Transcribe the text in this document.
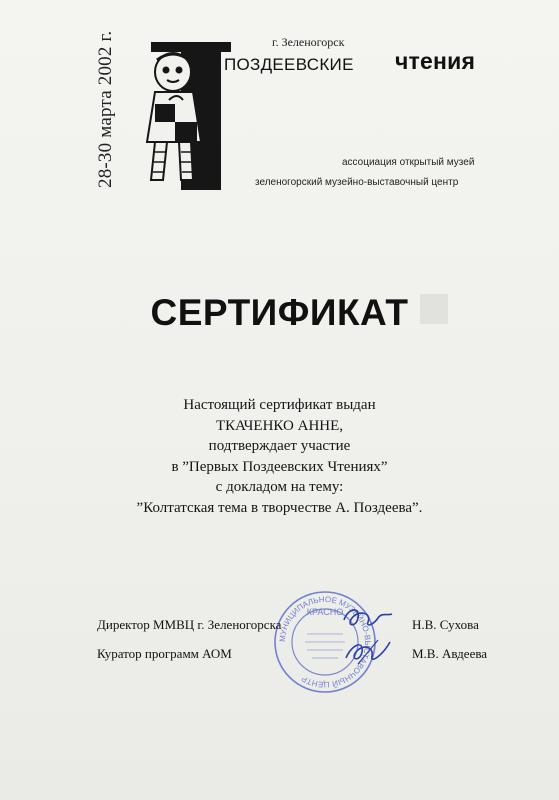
28-30 марта 2002 г.	г. Зеленогорск
ПОЗДЕЕВСКИЕ чтения
ассоциация открытый музей
зеленогорский музейно-выставочный центр
СЕРТИФИКАТ
Настоящий сертификат выдан
ТКАЧЕНКО АННЕ,
подтверждает участие
в ”Первых Поздеевских Чтениях”
с докладом на тему:
”Колтатская тема в творчестве А. Поздеева”.
МУНИЦИПАЛЬНОЕ МУЗЕЙНО-ВЫСТАВОЧНЫЙ ЦЕНТР
КРАСНО
Директор ММВЦ г. Зеленогорска	Н.В. Сухова
Куратор программ АОМ	М.В. Авдеева
